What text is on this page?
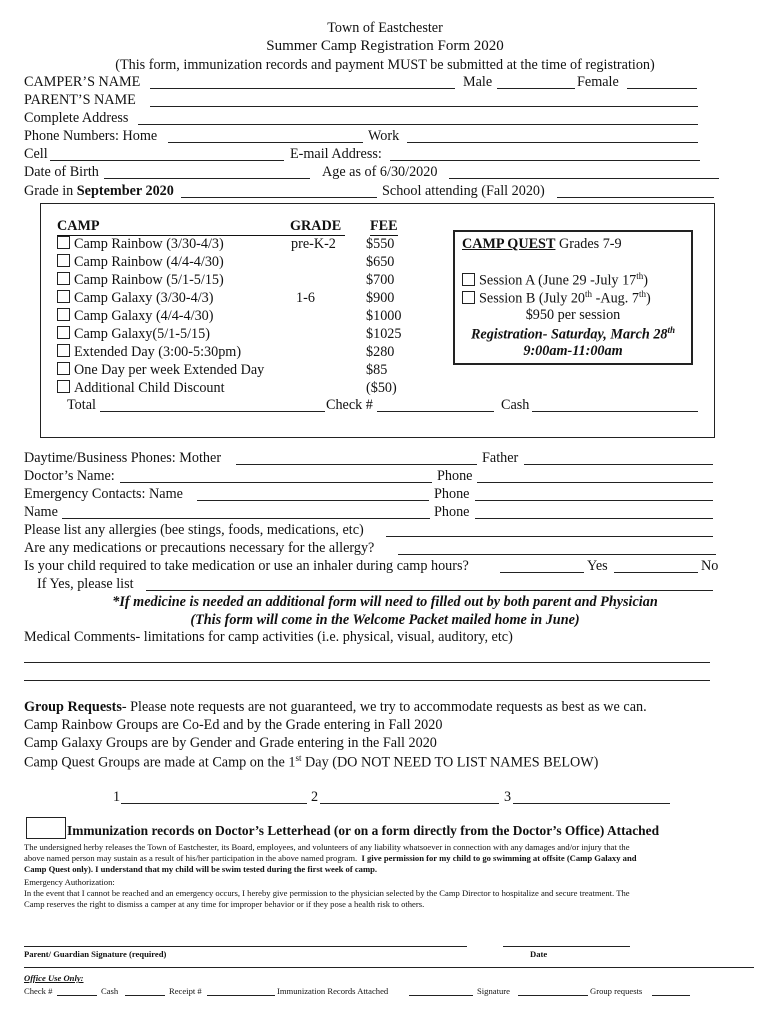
Town of Eastchester
Summer Camp Registration Form 2020
(This form, immunization records and payment MUST be submitted at the time of registration)
CAMPER’S NAME	Male	Female
PARENT’S NAME
Complete Address
Phone Numbers: Home	Work
Cell	E-mail Address:
Date of Birth	Age as of 6/30/2020
Grade in September 2020	School attending (Fall 2020)
CAMP	GRADE FEE
Camp Rainbow (3/30-4/3)	pre-K-2 $550
Camp Rainbow (4/4-4/30)	$650
Camp Rainbow (5/1-5/15)	$700
Camp Galaxy (3/30-4/3)	1-6	$900
Camp Galaxy (4/4-4/30)	$1000
Camp Galaxy(5/1-5/15)	$1025
Extended Day (3:00-5:30pm)	$280
One Day per week Extended Day	$85
Additional Child Discount	($50)
Total	Check #	Cash
CAMP QUEST Grades 7-9
Session A (June 29 -July 17th)
Session B (July 20th -Aug. 7th)
$950 per session
Registration- Saturday, March 28th
9:00am-11:00am
Daytime/Business Phones: Mother	Father
Doctor’s Name:	Phone
Emergency Contacts: Name	Phone
Name	Phone
Please list any allergies (bee stings, foods, medications, etc)
Are any medications or precautions necessary for the allergy?
Is your child required to take medication or use an inhaler during camp hours?	Yes	No
If Yes, please list
*If medicine is needed an additional form will need to filled out by both parent and Physician
(This form will come in the Welcome Packet mailed home in June)
Medical Comments- limitations for camp activities (i.e. physical, visual, auditory, etc)
Group Requests- Please note requests are not guaranteed, we try to accommodate requests as best as we can.
Camp Rainbow Groups are Co-Ed and by the Grade entering in Fall 2020
Camp Galaxy Groups are by Gender and Grade entering in the Fall 2020
Camp Quest Groups are made at Camp on the 1st Day (DO NOT NEED TO LIST NAMES BELOW)
1	2	3
Immunization records on Doctor’s Letterhead (or on a form directly from the Doctor’s Office) Attached
The undersigned herby releases the Town of Eastchester, its Board, employees, and volunteers of any liability whatsoever in connection with any damages and/or injury that the
above named person may sustain as a result of his/her participation in the above named program. I give permission for my child to go swimming at offsite (Camp Galaxy and
Camp Quest only). I understand that my child will be swim tested during the first week of camp.
Emergency Authorization:
In the event that I cannot be reached and an emergency occurs, I hereby give permission to the physician selected by the Camp Director to hospitalize and secure treatment. The
Camp reserves the right to dismiss a camper at any time for improper behavior or if they pose a health risk to others.
Parent/ Guardian Signature (required)	Date
Office Use Only:
Check #	Cash	Receipt #	Immunization Records Attached	Signature	Group requests
